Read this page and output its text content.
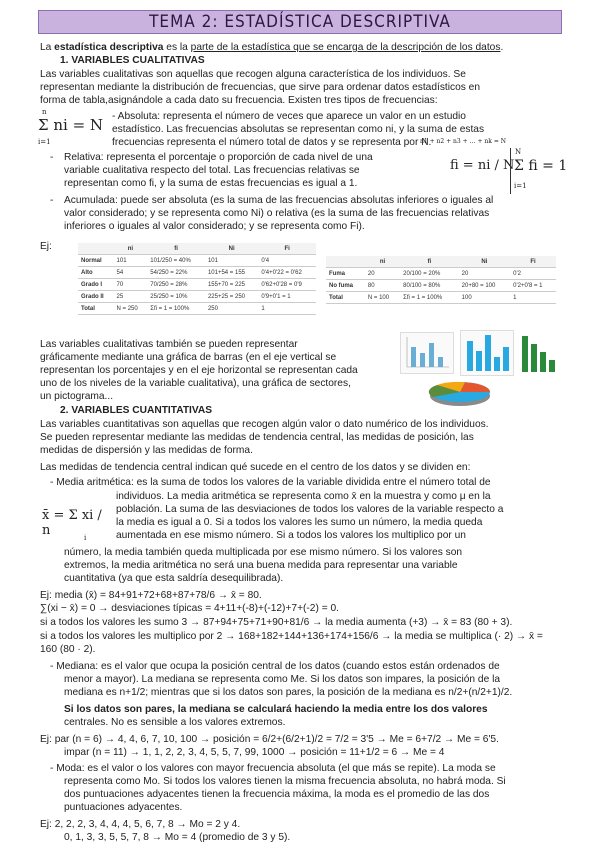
TEMA 2: ESTADÍSTICA DESCRIPTIVA
La estadística descriptiva es la parte de la estadística que se encarga de la descripción de los datos.
1. VARIABLES CUALITATIVAS
Las variables cualitativas son aquellas que recogen alguna característica de los individuos. Se
representan mediante la distribución de frecuencias, que sirve para ordenar datos estadísticos en
forma de tabla,asignándole a cada dato su frecuencia. Existen tres tipos de frecuencias:
n
Σ ni = N
i=1
- Absoluta: representa el número de veces que aparece un valor en un estudio
estadístico. Las frecuencias absolutas se representan como ni, y la suma de estas
frecuencias representa el número total de datos y se representa por N.
n1 + n2 + n3 + … + nk = N
- Relativa: representa el porcentaje o proporción de cada nivel de una
variable cualitativa respecto del total. Las frecuencias relativas se
representan como fi, y la suma de estas frecuencias es igual a 1.
fi = ni / N
N
Σ fi = 1
i=1
- Acumulada: puede ser absoluta (es la suma de las frecuencias absolutas inferiores o iguales al
valor considerado; y se representa como Ni) o relativa (es la suma de las frecuencias relativas
inferiores o iguales al valor considerado; y se representa como Fi).
Ej:
		ni	fi	Ni	Fi
Normal	101	101/250 = 40%	101	0'4
Alto	54	54/250 = 22%	101+54 = 155	0'4+0'22 = 0'62
Grado I	70	70/250 = 28%	155+70 = 225	0'62+0'28 = 0'9
Grado II	25	25/250 = 10%	225+25 = 250	0'9+0'1 = 1
Total	N = 250	Σfi = 1 = 100%	250	1
	ni	fi	Ni	Fi
Fuma	20	20/100 = 20%	20	0'2
No fuma	80	80/100 = 80%	20+80 = 100	0'2+0'8 = 1
Total	N = 100	Σfi = 1 = 100%	100	1
Las variables cualitativas también se pueden representar
gráficamente mediante una gráfica de barras (en el eje vertical se
representan los porcentajes y en el eje horizontal se representan cada
uno de los niveles de la variable cualitativa), una gráfica de sectores,
un pictograma...
2. VARIABLES CUANTITATIVAS
Las variables cuantitativas son aquellas que recogen algún valor o dato numérico de los individuos.
Se pueden representar mediante las medidas de tendencia central, las medidas de posición, las
medidas de dispersión y las medidas de forma.
Las medidas de tendencia central indican qué sucede en el centro de los datos y se dividen en:
- Media aritmética: es la suma de todos los valores de la variable dividida entre el número total de
x̄ = Σ xi / n	i
individuos. La media aritmética se representa como x̄ en la muestra y como μ en la
población. La suma de las desviaciones de todos los valores de la variable respecto a
la media es igual a 0. Si a todos los valores les sumo un número, la media queda
aumentada en ese mismo número. Si a todos los valores los multiplico por un
número, la media también queda multiplicada por ese mismo número. Si los valores son
extremos, la media aritmética no será una buena medida para representar una variable
cuantitativa (ya que esta saldría desequilibrada).
Ej: media (x̄) = 84+91+72+68+87+78/6 → x̄ = 80.
∑(xi − x̄) = 0 → desviaciones típicas = 4+11+(-8)+(-12)+7+(-2) = 0.
si a todos los valores les sumo 3 → 87+94+75+71+90+81/6 → la media aumenta (+3) → x̄ = 83 (80 + 3).
si a todos los valores les multiplico por 2 → 168+182+144+136+174+156/6 → la media se multiplica (· 2) → x̄ =
160 (80 · 2).
- Mediana: es el valor que ocupa la posición central de los datos (cuando estos están ordenados de
menor a mayor). La mediana se representa como Me. Si los datos son impares, la posición de la
mediana es n+1/2; mientras que si los datos son pares, la posición de la mediana es n/2+(n/2+1)/2.
Si los datos son pares, la mediana se calculará haciendo la media entre los dos valores
centrales. No es sensible a los valores extremos.
Ej: par (n = 6) → 4, 4, 6, 7, 10, 100 → posición = 6/2+(6/2+1)/2 = 7/2 = 3'5 → Me = 6+7/2 → Me = 6'5.
impar (n = 11) → 1, 1, 2, 2, 3, 4, 5, 5, 7, 99, 1000 → posición = 11+1/2 = 6 → Me = 4
- Moda: es el valor o los valores con mayor frecuencia absoluta (el que más se repite). La moda se
representa como Mo. Si todos los valores tienen la misma frecuencia absoluta, no habrá moda. Si
dos puntuaciones adyacentes tienen la frecuencia máxima, la moda es el promedio de las dos
puntuaciones adyacentes.
Ej: 2, 2, 2, 3, 4, 4, 4, 5, 6, 7, 8 → Mo = 2 y 4.
0, 1, 3, 3, 5, 5, 7, 8 → Mo = 4 (promedio de 3 y 5).
